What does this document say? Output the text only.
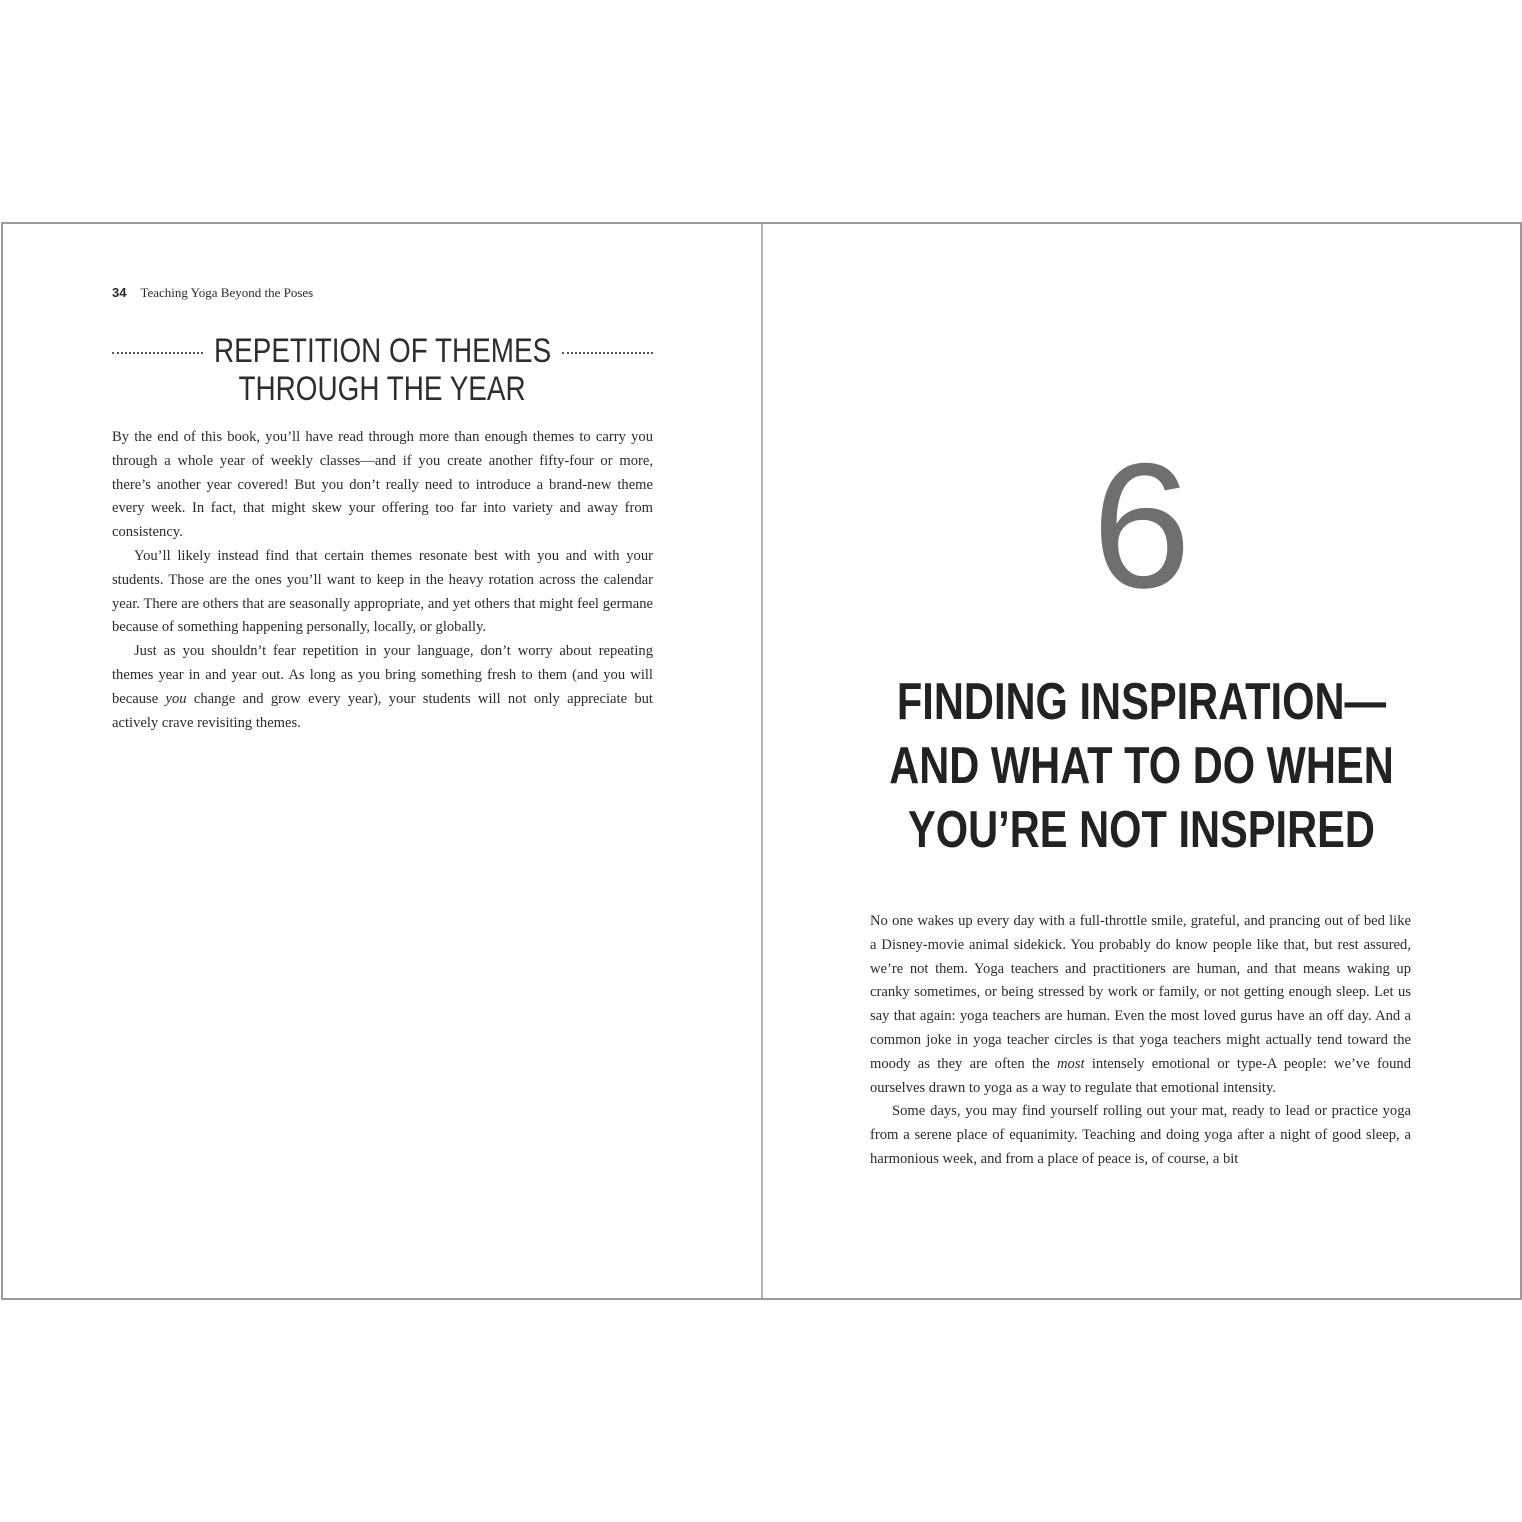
34 Teaching Yoga Beyond the Poses
REPETITION OF THEMES
THROUGH THE YEAR

By the end of this book, you’ll have read through more than enough themes to carry you through a whole year of weekly classes—and if you create another fifty-four or more, there’s another year covered! But you don’t really need to introduce a brand-new theme every week. In fact, that might skew your offering too far into variety and away from consistency.

You’ll likely instead find that certain themes resonate best with you and with your students. Those are the ones you’ll want to keep in the heavy rotation across the calendar year. There are others that are seasonally appropriate, and yet others that might feel germane because of something happening personally, locally, or globally.

Just as you shouldn’t fear repetition in your language, don’t worry about repeating themes year in and year out. As long as you bring something fresh to them (and you will because you change and grow every year), your students will not only appreciate but actively crave revisiting themes.

6
FINDING INSPIRATION—
AND WHAT TO DO WHEN
YOU’RE NOT INSPIRED

No one wakes up every day with a full-throttle smile, grateful, and prancing out of bed like a Disney-movie animal sidekick. You probably do know people like that, but rest assured, we’re not them. Yoga teachers and practitioners are human, and that means waking up cranky sometimes, or being stressed by work or family, or not getting enough sleep. Let us say that again: yoga teachers are human. Even the most loved gurus have an off day. And a common joke in yoga teacher circles is that yoga teachers might actually tend toward the moody as they are often the most intensely emotional or type-A people: we’ve found ourselves drawn to yoga as a way to regulate that emotional intensity.

Some days, you may find yourself rolling out your mat, ready to lead or practice yoga from a serene place of equanimity. Teaching and doing yoga after a night of good sleep, a harmonious week, and from a place of peace is, of course, a bit
